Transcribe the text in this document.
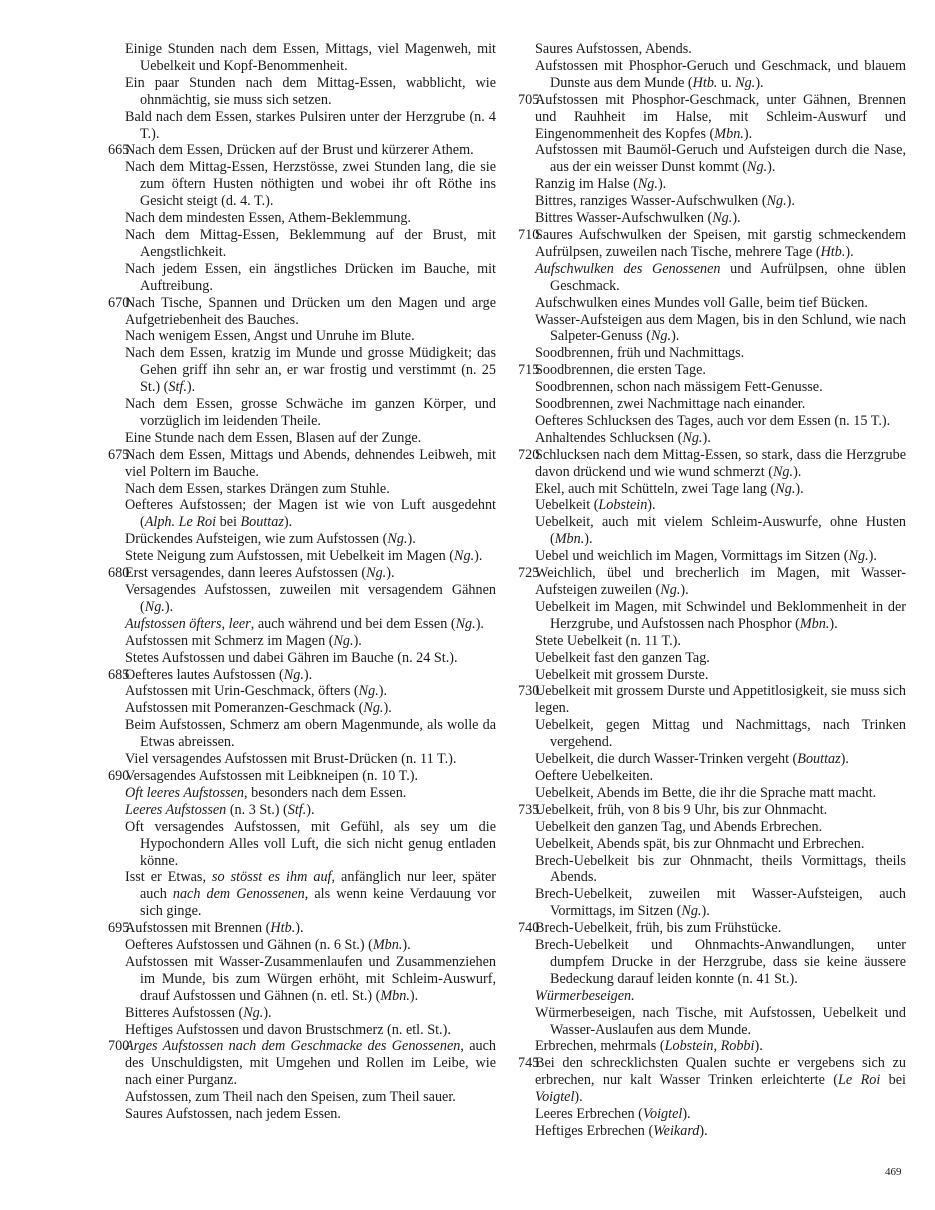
Einige Stunden nach dem Essen, Mittags, viel Magenweh, mit Uebelkeit und Kopf-Benommenheit.
Ein paar Stunden nach dem Mittag-Essen, wabblicht, wie ohnmächtig, sie muss sich setzen.
Bald nach dem Essen, starkes Pulsiren unter der Herzgrube (n. 4 T.).
665
Nach dem Essen, Drücken auf der Brust und kürzerer Athem.
Nach dem Mittag-Essen, Herzstösse, zwei Stunden lang, die sie zum öftern Husten nöthigten und wobei ihr oft Röthe ins Gesicht steigt (d. 4. T.).
Nach dem mindesten Essen, Athem-Beklemmung.
Nach dem Mittag-Essen, Beklemmung auf der Brust, mit Aengstlichkeit.
Nach jedem Essen, ein ängstliches Drücken im Bauche, mit Auftreibung.
670
Nach Tische, Spannen und Drücken um den Magen und arge Aufgetriebenheit des Bauches.
Nach wenigem Essen, Angst und Unruhe im Blute.
Nach dem Essen, kratzig im Munde und grosse Müdigkeit; das Gehen griff ihn sehr an, er war frostig und verstimmt (n. 25 St.) (Stf.).
Nach dem Essen, grosse Schwäche im ganzen Körper, und vorzüglich im leidenden Theile.
Eine Stunde nach dem Essen, Blasen auf der Zunge.
675
Nach dem Essen, Mittags und Abends, dehnendes Leibweh, mit viel Poltern im Bauche.
Nach dem Essen, starkes Drängen zum Stuhle.
Oefteres Aufstossen; der Magen ist wie von Luft ausgedehnt (Alph. Le Roi bei Bouttaz).
Drückendes Aufsteigen, wie zum Aufstossen (Ng.).
Stete Neigung zum Aufstossen, mit Uebelkeit im Magen (Ng.).
680
Erst versagendes, dann leeres Aufstossen (Ng.).
Versagendes Aufstossen, zuweilen mit versagendem Gähnen (Ng.).
Aufstossen öfters, leer, auch während und bei dem Essen (Ng.).
Aufstossen mit Schmerz im Magen (Ng.).
Stetes Aufstossen und dabei Gähren im Bauche (n. 24 St.).
685
Oefteres lautes Aufstossen (Ng.).
Aufstossen mit Urin-Geschmack, öfters (Ng.).
Aufstossen mit Pomeranzen-Geschmack (Ng.).
Beim Aufstossen, Schmerz am obern Magenmunde, als wolle da Etwas abreissen.
Viel versagendes Aufstossen mit Brust-Drücken (n. 11 T.).
690
Versagendes Aufstossen mit Leibkneipen (n. 10 T.).
Oft leeres Aufstossen, besonders nach dem Essen.
Leeres Aufstossen (n. 3 St.) (Stf.).
Oft versagendes Aufstossen, mit Gefühl, als sey um die Hypochondern Alles voll Luft, die sich nicht genug entladen könne.
Isst er Etwas, so stösst es ihm auf, anfänglich nur leer, später auch nach dem Genossenen, als wenn keine Verdauung vor sich ginge.
695
Aufstossen mit Brennen (Htb.).
Oefteres Aufstossen und Gähnen (n. 6 St.) (Mbn.).
Aufstossen mit Wasser-Zusammenlaufen und Zusammenziehen im Munde, bis zum Würgen erhöht, mit Schleim-Auswurf, drauf Aufstossen und Gähnen (n. etl. St.) (Mbn.).
Bitteres Aufstossen (Ng.).
Heftiges Aufstossen und davon Brustschmerz (n. etl. St.).
700
Arges Aufstossen nach dem Geschmacke des Genossenen, auch des Unschuldigsten, mit Umgehen und Rollen im Leibe, wie nach einer Purganz.
Aufstossen, zum Theil nach den Speisen, zum Theil sauer.
Saures Aufstossen, nach jedem Essen.
Saures Aufstossen, Abends.
Aufstossen mit Phosphor-Geruch und Geschmack, und blauem Dunste aus dem Munde (Htb. u. Ng.).
705
Aufstossen mit Phosphor-Geschmack, unter Gähnen, Brennen und Rauhheit im Halse, mit Schleim-Auswurf und Eingenommenheit des Kopfes (Mbn.).
Aufstossen mit Baumöl-Geruch und Aufsteigen durch die Nase, aus der ein weisser Dunst kommt (Ng.).
Ranzig im Halse (Ng.).
Bittres, ranziges Wasser-Aufschwulken (Ng.).
Bittres Wasser-Aufschwulken (Ng.).
710
Saures Aufschwulken der Speisen, mit garstig schmeckendem Aufrülpsen, zuweilen nach Tische, mehrere Tage (Htb.).
Aufschwulken des Genossenen und Aufrülpsen, ohne üblen Geschmack.
Aufschwulken eines Mundes voll Galle, beim tief Bücken.
Wasser-Aufsteigen aus dem Magen, bis in den Schlund, wie nach Salpeter-Genuss (Ng.).
Soodbrennen, früh und Nachmittags.
715
Soodbrennen, die ersten Tage.
Soodbrennen, schon nach mässigem Fett-Genusse.
Soodbrennen, zwei Nachmittage nach einander.
Oefteres Schlucksen des Tages, auch vor dem Essen (n. 15 T.).
Anhaltendes Schlucksen (Ng.).
720
Schlucksen nach dem Mittag-Essen, so stark, dass die Herzgrube davon drückend und wie wund schmerzt (Ng.).
Ekel, auch mit Schütteln, zwei Tage lang (Ng.).
Uebelkeit (Lobstein).
Uebelkeit, auch mit vielem Schleim-Auswurfe, ohne Husten (Mbn.).
Uebel und weichlich im Magen, Vormittags im Sitzen (Ng.).
725
Weichlich, übel und brecherlich im Magen, mit Wasser-Aufsteigen zuweilen (Ng.).
Uebelkeit im Magen, mit Schwindel und Beklommenheit in der Herzgrube, und Aufstossen nach Phosphor (Mbn.).
Stete Uebelkeit (n. 11 T.).
Uebelkeit fast den ganzen Tag.
Uebelkeit mit grossem Durste.
730
Uebelkeit mit grossem Durste und Appetitlosigkeit, sie muss sich legen.
Uebelkeit, gegen Mittag und Nachmittags, nach Trinken vergehend.
Uebelkeit, die durch Wasser-Trinken vergeht (Bouttaz).
Oeftere Uebelkeiten.
Uebelkeit, Abends im Bette, die ihr die Sprache matt macht.
735
Uebelkeit, früh, von 8 bis 9 Uhr, bis zur Ohnmacht.
Uebelkeit den ganzen Tag, und Abends Erbrechen.
Uebelkeit, Abends spät, bis zur Ohnmacht und Erbrechen.
Brech-Uebelkeit bis zur Ohnmacht, theils Vormittags, theils Abends.
Brech-Uebelkeit, zuweilen mit Wasser-Aufsteigen, auch Vormittags, im Sitzen (Ng.).
740
Brech-Uebelkeit, früh, bis zum Frühstücke.
Brech-Uebelkeit und Ohnmachts-Anwandlungen, unter dumpfem Drucke in der Herzgrube, dass sie keine äussere Bedeckung darauf leiden konnte (n. 41 St.).
Würmerbeseigen.
Würmerbeseigen, nach Tische, mit Aufstossen, Uebelkeit und Wasser-Auslaufen aus dem Munde.
Erbrechen, mehrmals (Lobstein, Robbi).
745
Bei den schrecklichsten Qualen suchte er vergebens sich zu erbrechen, nur kalt Wasser Trinken erleichterte (Le Roi bei Voigtel).
Leeres Erbrechen (Voigtel).
Heftiges Erbrechen (Weikard).
469
